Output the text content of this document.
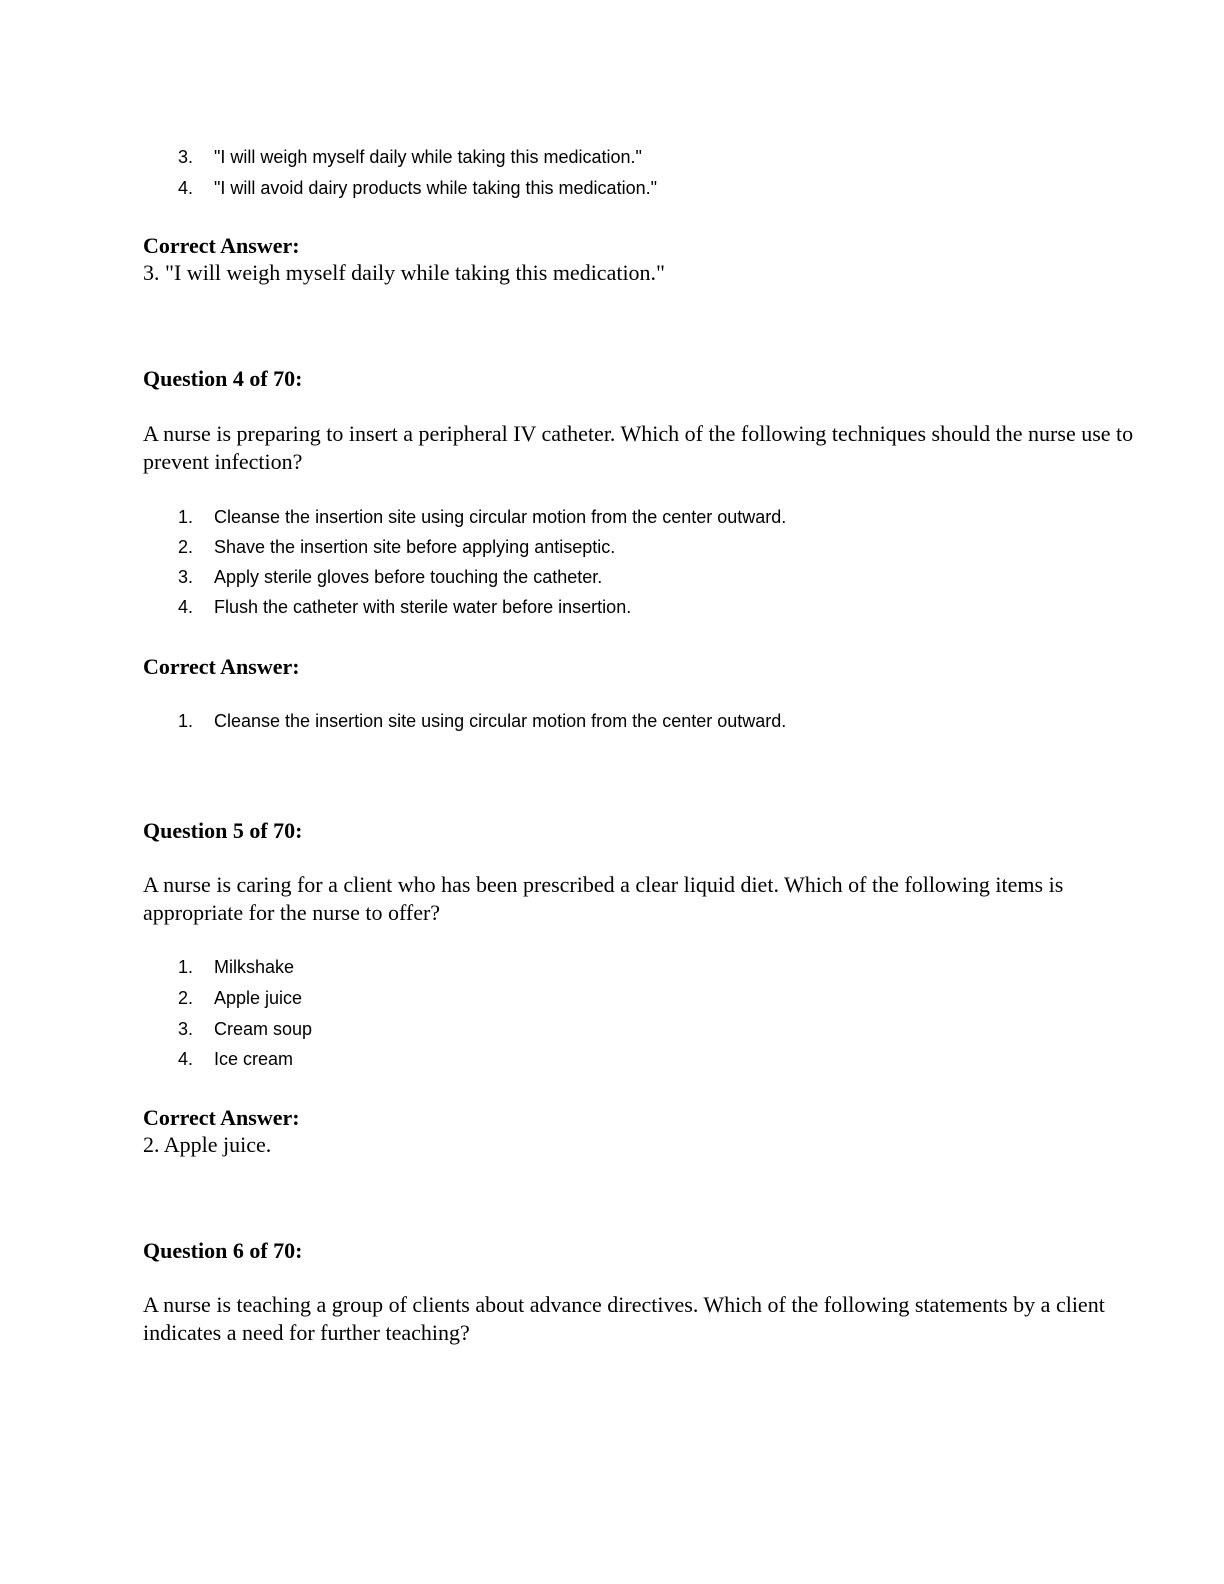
3. "I will weigh myself daily while taking this medication."
4. "I will avoid dairy products while taking this medication."
Correct Answer:
3. "I will weigh myself daily while taking this medication."
Question 4 of 70:
A nurse is preparing to insert a peripheral IV catheter. Which of the following techniques should the nurse use to prevent infection?
1. Cleanse the insertion site using circular motion from the center outward.
2. Shave the insertion site before applying antiseptic.
3. Apply sterile gloves before touching the catheter.
4. Flush the catheter with sterile water before insertion.
Correct Answer:
1. Cleanse the insertion site using circular motion from the center outward.
Question 5 of 70:
A nurse is caring for a client who has been prescribed a clear liquid diet. Which of the following items is appropriate for the nurse to offer?
1. Milkshake
2. Apple juice
3. Cream soup
4. Ice cream
Correct Answer:
2. Apple juice.
Question 6 of 70:
A nurse is teaching a group of clients about advance directives. Which of the following statements by a client indicates a need for further teaching?
